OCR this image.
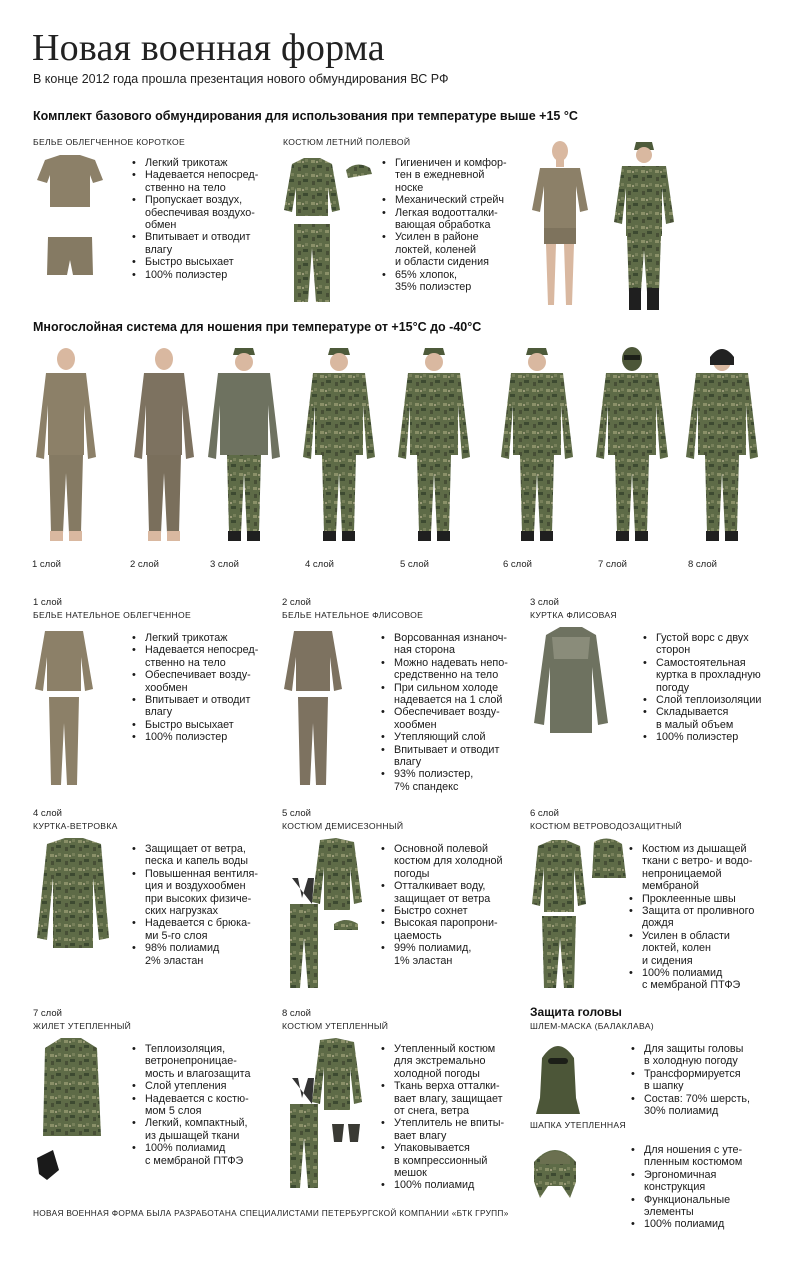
Новая военная форма
В конце 2012 года прошла презентация нового обмундирования ВС РФ
Комплект базового обмундирования для использования при температуре выше +15 °С
БЕЛЬЕ ОБЛЕГЧЕННОЕ КОРОТКОЕ
• Легкий трикотаж
• Надевается непосред-
ственно на тело
• Пропускает воздух,
обеспечивая воздухо-
обмен
• Впитывает и отводит
влагу
• Быстро высыхает
• 100% полиэстер
КОСТЮМ ЛЕТНИЙ ПОЛЕВОЙ
• Гигиеничен и комфор-
тен в ежедневной
носке
• Механический стрейч
• Легкая водоотталки-
вающая обработка
• Усилен в районе
локтей, коленей
и области сидения
• 65% хлопок,
35% полиэстер
Многослойная система для ношения при температуре от +15°С до -40°С
1 слой	2 слой	3 слой	4 слой	5 слой	6 слой	7 слой	8 слой
1 слой
БЕЛЬЕ НАТЕЛЬНОЕ ОБЛЕГЧЕННОЕ
• Легкий трикотаж
• Надевается непосред-
ственно на тело
• Обеспечивает возду-
хообмен
• Впитывает и отводит
влагу
• Быстро высыхает
• 100% полиэстер
2 слой
БЕЛЬЕ НАТЕЛЬНОЕ ФЛИСОВОЕ
• Ворсованная изнаноч-
ная сторона
• Можно надевать непо-
средственно на тело
• При сильном холоде
надевается на 1 слой
• Обеспечивает возду-
хообмен
• Утепляющий слой
• Впитывает и отводит
влагу
• 93% полиэстер,
7% спандекс
3 слой
КУРТКА ФЛИСОВАЯ
• Густой ворс с двух
сторон
• Самостоятельная
куртка в прохладную
погоду
• Слой теплоизоляции
• Складывается
в малый объем
• 100% полиэстер
4 слой
КУРТКА-ВЕТРОВКА
• Защищает от ветра,
песка и капель воды
• Повышенная вентиля-
ция и воздухообмен
при высоких физиче-
ских нагрузках
• Надевается с брюка-
ми 5-го слоя
• 98% полиамид
2% эластан
5 слой
КОСТЮМ ДЕМИСЕЗОННЫЙ
• Основной полевой
костюм для холодной
погоды
• Отталкивает воду,
защищает от ветра
• Быстро сохнет
• Высокая паропрони-
цаемость
• 99% полиамид,
1% эластан
6 слой
КОСТЮМ ВЕТРОВОДОЗАЩИТНЫЙ
• Костюм из дышащей
ткани с ветро- и водо-
непроницаемой
мембраной
• Проклеенные швы
• Защита от проливного
дождя
• Усилен в области
локтей, колен
и сидения
• 100% полиамид
с мембраной ПТФЭ
7 слой
ЖИЛЕТ УТЕПЛЕННЫЙ
• Теплоизоляция,
ветронепроницае-
мость и влагозащита
• Слой утепления
• Надевается с костю-
мом 5 слоя
• Легкий, компактный,
из дышащей ткани
• 100% полиамид
с мембраной ПТФЭ
8 слой
КОСТЮМ УТЕПЛЕННЫЙ
• Утепленный костюм
для экстремально
холодной погоды
• Ткань верха отталки-
вает влагу, защищает
от снега, ветра
• Утеплитель не впиты-
вает влагу
• Упаковывается
в компрессионный
мешок
• 100% полиамид
Защита головы
ШЛЕМ-МАСКА (БАЛАКЛАВА)
• Для защиты головы
в холодную погоду
• Трансформируется
в шапку
• Состав: 70% шерсть,
30% полиамид
ШАПКА УТЕПЛЕННАЯ
• Для ношения с уте-
пленным костюмом
• Эргономичная
конструкция
• Функциональные
элементы
• 100% полиамид
НОВАЯ ВОЕННАЯ ФОРМА БЫЛА РАЗРАБОТАНА СПЕЦИАЛИСТАМИ ПЕТЕРБУРГСКОЙ КОМПАНИИ «БТК ГРУПП»
